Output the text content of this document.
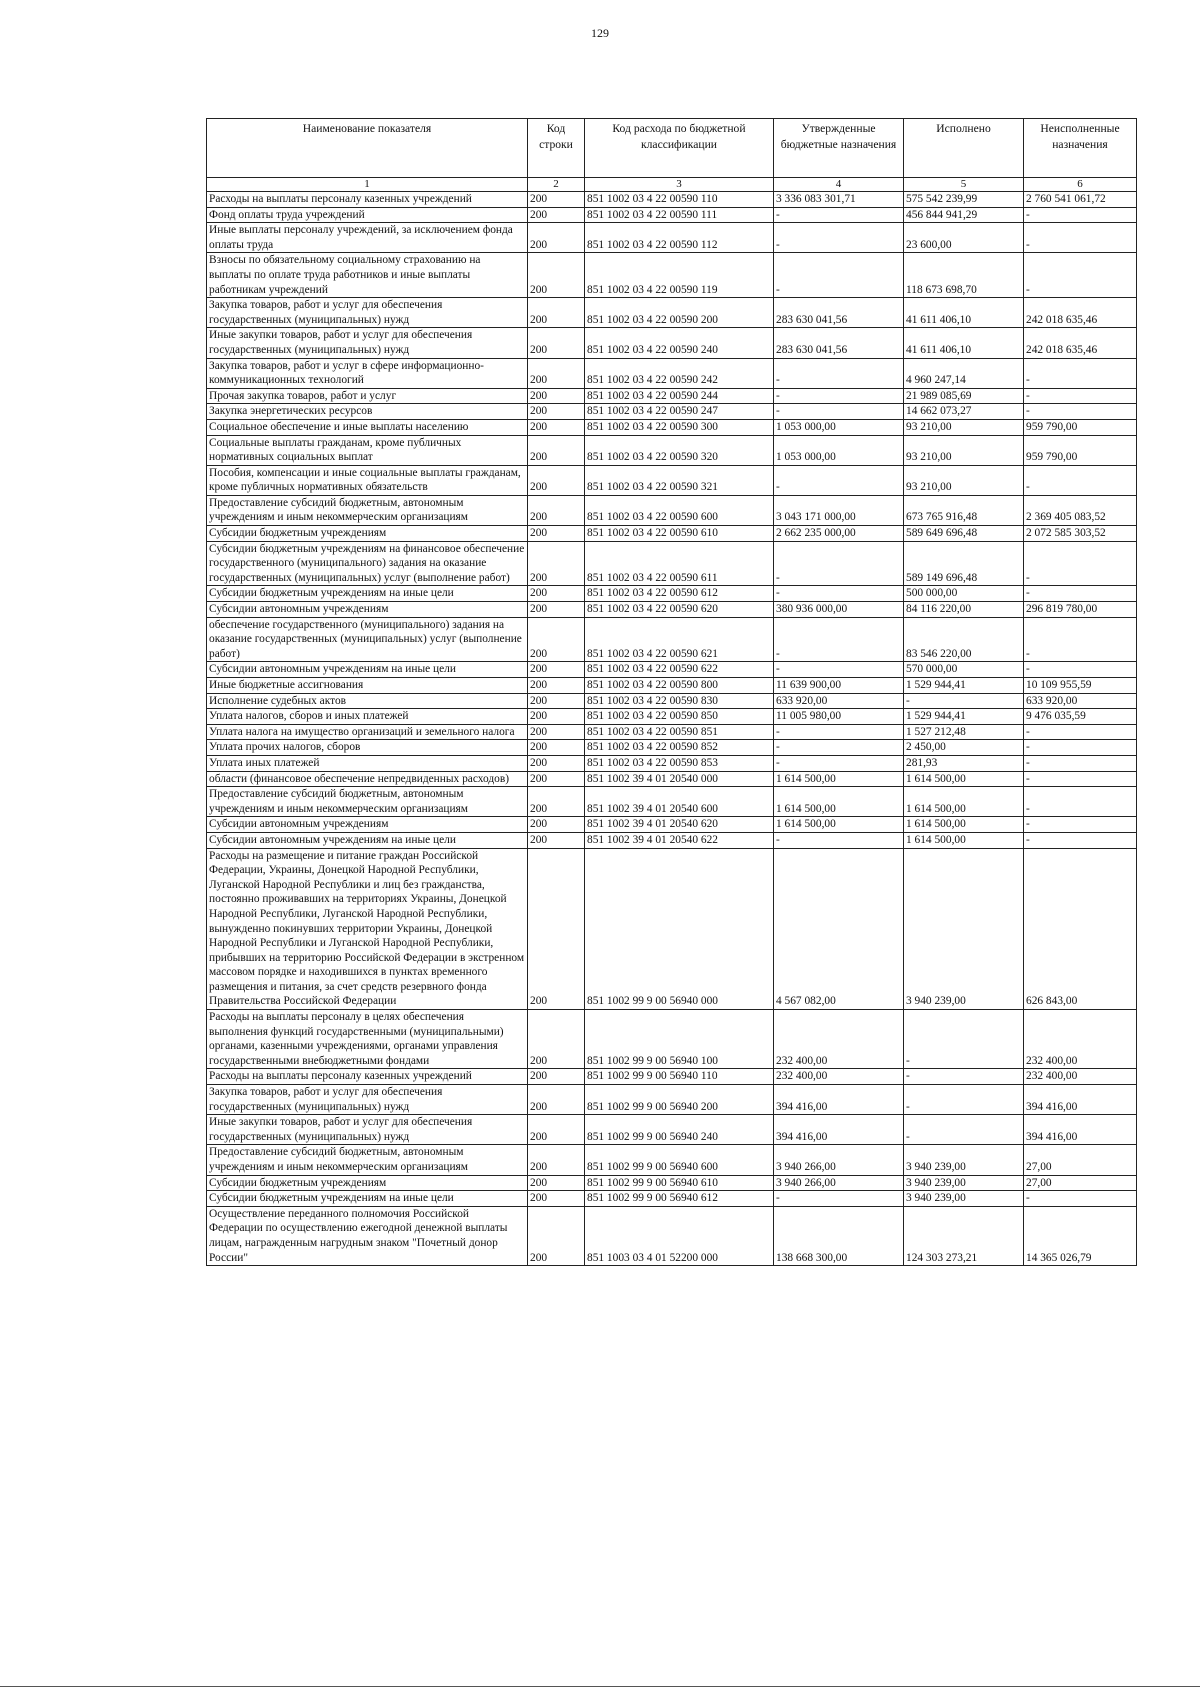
129
Наименование показателя	Код строки	Код расхода по бюджетной классификации	Утвержденные бюджетные назначения	Исполнено	Неисполненные назначения
1	2	3	4	5	6
Расходы на выплаты персоналу казенных учреждений	200	851 1002 03 4 22 00590 110	3 336 083 301,71	575 542 239,99	2 760 541 061,72
Фонд оплаты труда учреждений	200	851 1002 03 4 22 00590 111	-	456 844 941,29	-
Иные выплаты персоналу учреждений, за исключением фонда оплаты труда	200	851 1002 03 4 22 00590 112	-	23 600,00	-
Взносы по обязательному социальному страхованию на выплаты по оплате труда работников и иные выплаты работникам учреждений	200	851 1002 03 4 22 00590 119	-	118 673 698,70	-
Закупка товаров, работ и услуг для обеспечения государственных (муниципальных) нужд	200	851 1002 03 4 22 00590 200	283 630 041,56	41 611 406,10	242 018 635,46
Иные закупки товаров, работ и услуг для обеспечения государственных (муниципальных) нужд	200	851 1002 03 4 22 00590 240	283 630 041,56	41 611 406,10	242 018 635,46
Закупка товаров, работ и услуг в сфере информационно-коммуникационных технологий	200	851 1002 03 4 22 00590 242	-	4 960 247,14	-
Прочая закупка товаров, работ и услуг	200	851 1002 03 4 22 00590 244	-	21 989 085,69	-
Закупка энергетических ресурсов	200	851 1002 03 4 22 00590 247	-	14 662 073,27	-
Социальное обеспечение и иные выплаты населению	200	851 1002 03 4 22 00590 300	1 053 000,00	93 210,00	959 790,00
Социальные выплаты гражданам, кроме публичных нормативных социальных выплат	200	851 1002 03 4 22 00590 320	1 053 000,00	93 210,00	959 790,00
Пособия, компенсации и иные социальные выплаты гражданам, кроме публичных нормативных обязательств	200	851 1002 03 4 22 00590 321	-	93 210,00	-
Предоставление субсидий бюджетным, автономным учреждениям и иным некоммерческим организациям	200	851 1002 03 4 22 00590 600	3 043 171 000,00	673 765 916,48	2 369 405 083,52
Субсидии бюджетным учреждениям	200	851 1002 03 4 22 00590 610	2 662 235 000,00	589 649 696,48	2 072 585 303,52
Субсидии бюджетным учреждениям на финансовое обеспечение государственного (муниципального) задания на оказание государственных (муниципальных) услуг (выполнение работ)	200	851 1002 03 4 22 00590 611	-	589 149 696,48	-
Субсидии бюджетным учреждениям на иные цели	200	851 1002 03 4 22 00590 612	-	500 000,00	-
Субсидии автономным учреждениям	200	851 1002 03 4 22 00590 620	380 936 000,00	84 116 220,00	296 819 780,00
обеспечение государственного (муниципального) задания на оказание государственных (муниципальных) услуг (выполнение работ)	200	851 1002 03 4 22 00590 621	-	83 546 220,00	-
Субсидии автономным учреждениям на иные цели	200	851 1002 03 4 22 00590 622	-	570 000,00	-
Иные бюджетные ассигнования	200	851 1002 03 4 22 00590 800	11 639 900,00	1 529 944,41	10 109 955,59
Исполнение судебных актов	200	851 1002 03 4 22 00590 830	633 920,00	-	633 920,00
Уплата налогов, сборов и иных платежей	200	851 1002 03 4 22 00590 850	11 005 980,00	1 529 944,41	9 476 035,59
Уплата налога на имущество организаций и земельного налога	200	851 1002 03 4 22 00590 851	-	1 527 212,48	-
Уплата прочих налогов, сборов	200	851 1002 03 4 22 00590 852	-	2 450,00	-
Уплата иных платежей	200	851 1002 03 4 22 00590 853	-	281,93	-
области (финансовое обеспечение непредвиденных расходов)	200	851 1002 39 4 01 20540 000	1 614 500,00	1 614 500,00	-
Предоставление субсидий бюджетным, автономным учреждениям и иным некоммерческим организациям	200	851 1002 39 4 01 20540 600	1 614 500,00	1 614 500,00	-
Субсидии автономным учреждениям	200	851 1002 39 4 01 20540 620	1 614 500,00	1 614 500,00	-
Субсидии автономным учреждениям на иные цели	200	851 1002 39 4 01 20540 622	-	1 614 500,00	-
Расходы на размещение и питание граждан Российской Федерации, Украины, Донецкой Народной Республики, Луганской Народной Республики и лиц без гражданства, постоянно проживавших на территориях Украины, Донецкой Народной Республики, Луганской Народной Республики, вынужденно покинувших территории Украины, Донецкой Народной Республики и Луганской Народной Республики, прибывших на территорию Российской Федерации в экстренном массовом порядке и находившихся в пунктах временного размещения и питания, за счет средств резервного фонда Правительства Российской Федерации	200	851 1002 99 9 00 56940 000	4 567 082,00	3 940 239,00	626 843,00
Расходы на выплаты персоналу в целях обеспечения выполнения функций государственными (муниципальными) органами, казенными учреждениями, органами управления государственными внебюджетными фондами	200	851 1002 99 9 00 56940 100	232 400,00	-	232 400,00
Расходы на выплаты персоналу казенных учреждений	200	851 1002 99 9 00 56940 110	232 400,00	-	232 400,00
Закупка товаров, работ и услуг для обеспечения государственных (муниципальных) нужд	200	851 1002 99 9 00 56940 200	394 416,00	-	394 416,00
Иные закупки товаров, работ и услуг для обеспечения государственных (муниципальных) нужд	200	851 1002 99 9 00 56940 240	394 416,00	-	394 416,00
Предоставление субсидий бюджетным, автономным учреждениям и иным некоммерческим организациям	200	851 1002 99 9 00 56940 600	3 940 266,00	3 940 239,00	27,00
Субсидии бюджетным учреждениям	200	851 1002 99 9 00 56940 610	3 940 266,00	3 940 239,00	27,00
Субсидии бюджетным учреждениям на иные цели	200	851 1002 99 9 00 56940 612	-	3 940 239,00	-
Осуществление переданного полномочия Российской Федерации по осуществлению ежегодной денежной выплаты лицам, награжденным нагрудным знаком "Почетный донор России"	200	851 1003 03 4 01 52200 000	138 668 300,00	124 303 273,21	14 365 026,79
